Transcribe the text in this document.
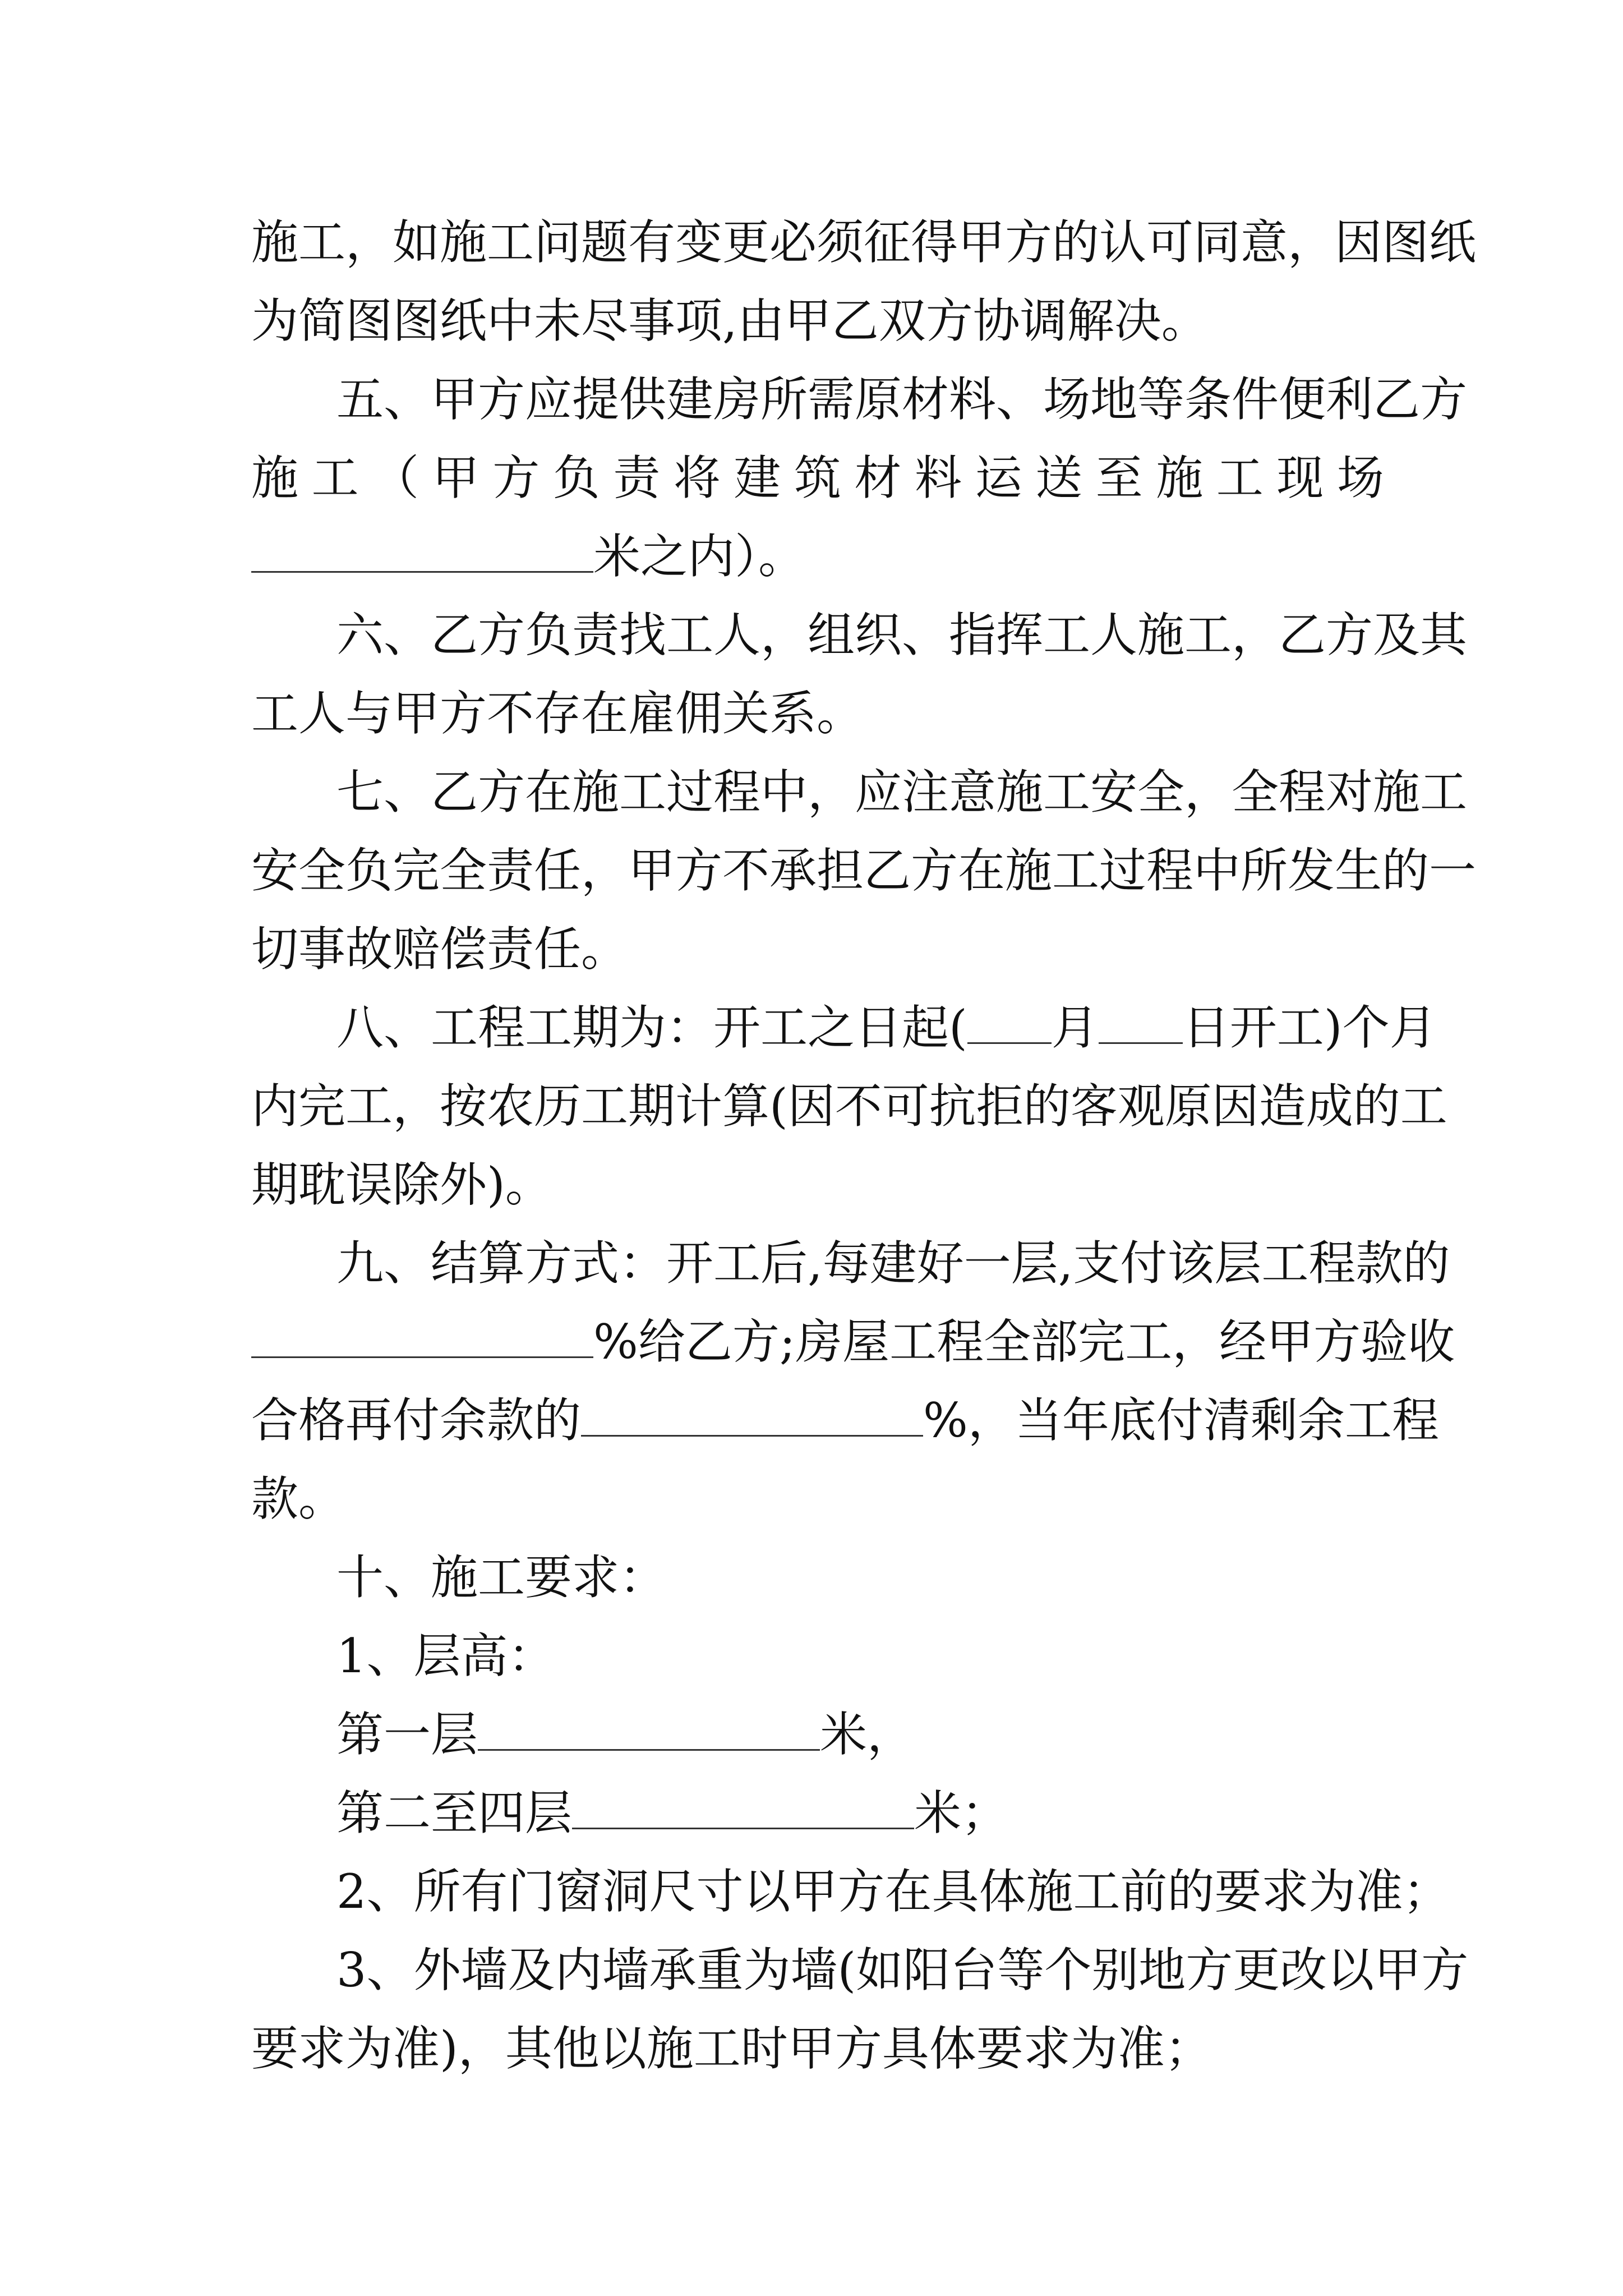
施工，如施工问题有变更必须征得甲方的认可同意，因图纸
为简图图纸中未尽事项,由甲乙双方协调解决。
五、甲方应提供建房所需原材料、场地等条件便利乙方
施 工 （ 甲 方 负 责 将 建 筑 材 料 运 送 至 施 工 现 场
米之内）。
六、乙方负责找工人，组织、指挥工人施工，乙方及其
工人与甲方不存在雇佣关系。
七、乙方在施工过程中，应注意施工安全，全程对施工
安全负完全责任，甲方不承担乙方在施工过程中所发生的一
切事故赔偿责任。
八、工程工期为：开工之日起( 月 日开工)个月
内完工，按农历工期计算(因不可抗拒的客观原因造成的工
期耽误除外)。
九、结算方式：开工后,每建好一层,支付该层工程款的
%给乙方;房屋工程全部完工，经甲方验收
合格再付余款的	%，当年底付清剩余工程
款。
十、施工要求：
1、层高：
第一层	米，
第二至四层	米；
2、所有门窗洞尺寸以甲方在具体施工前的要求为准；
3、外墙及内墙承重为墙(如阳台等个别地方更改以甲方
要求为准)，其他以施工时甲方具体要求为准；
